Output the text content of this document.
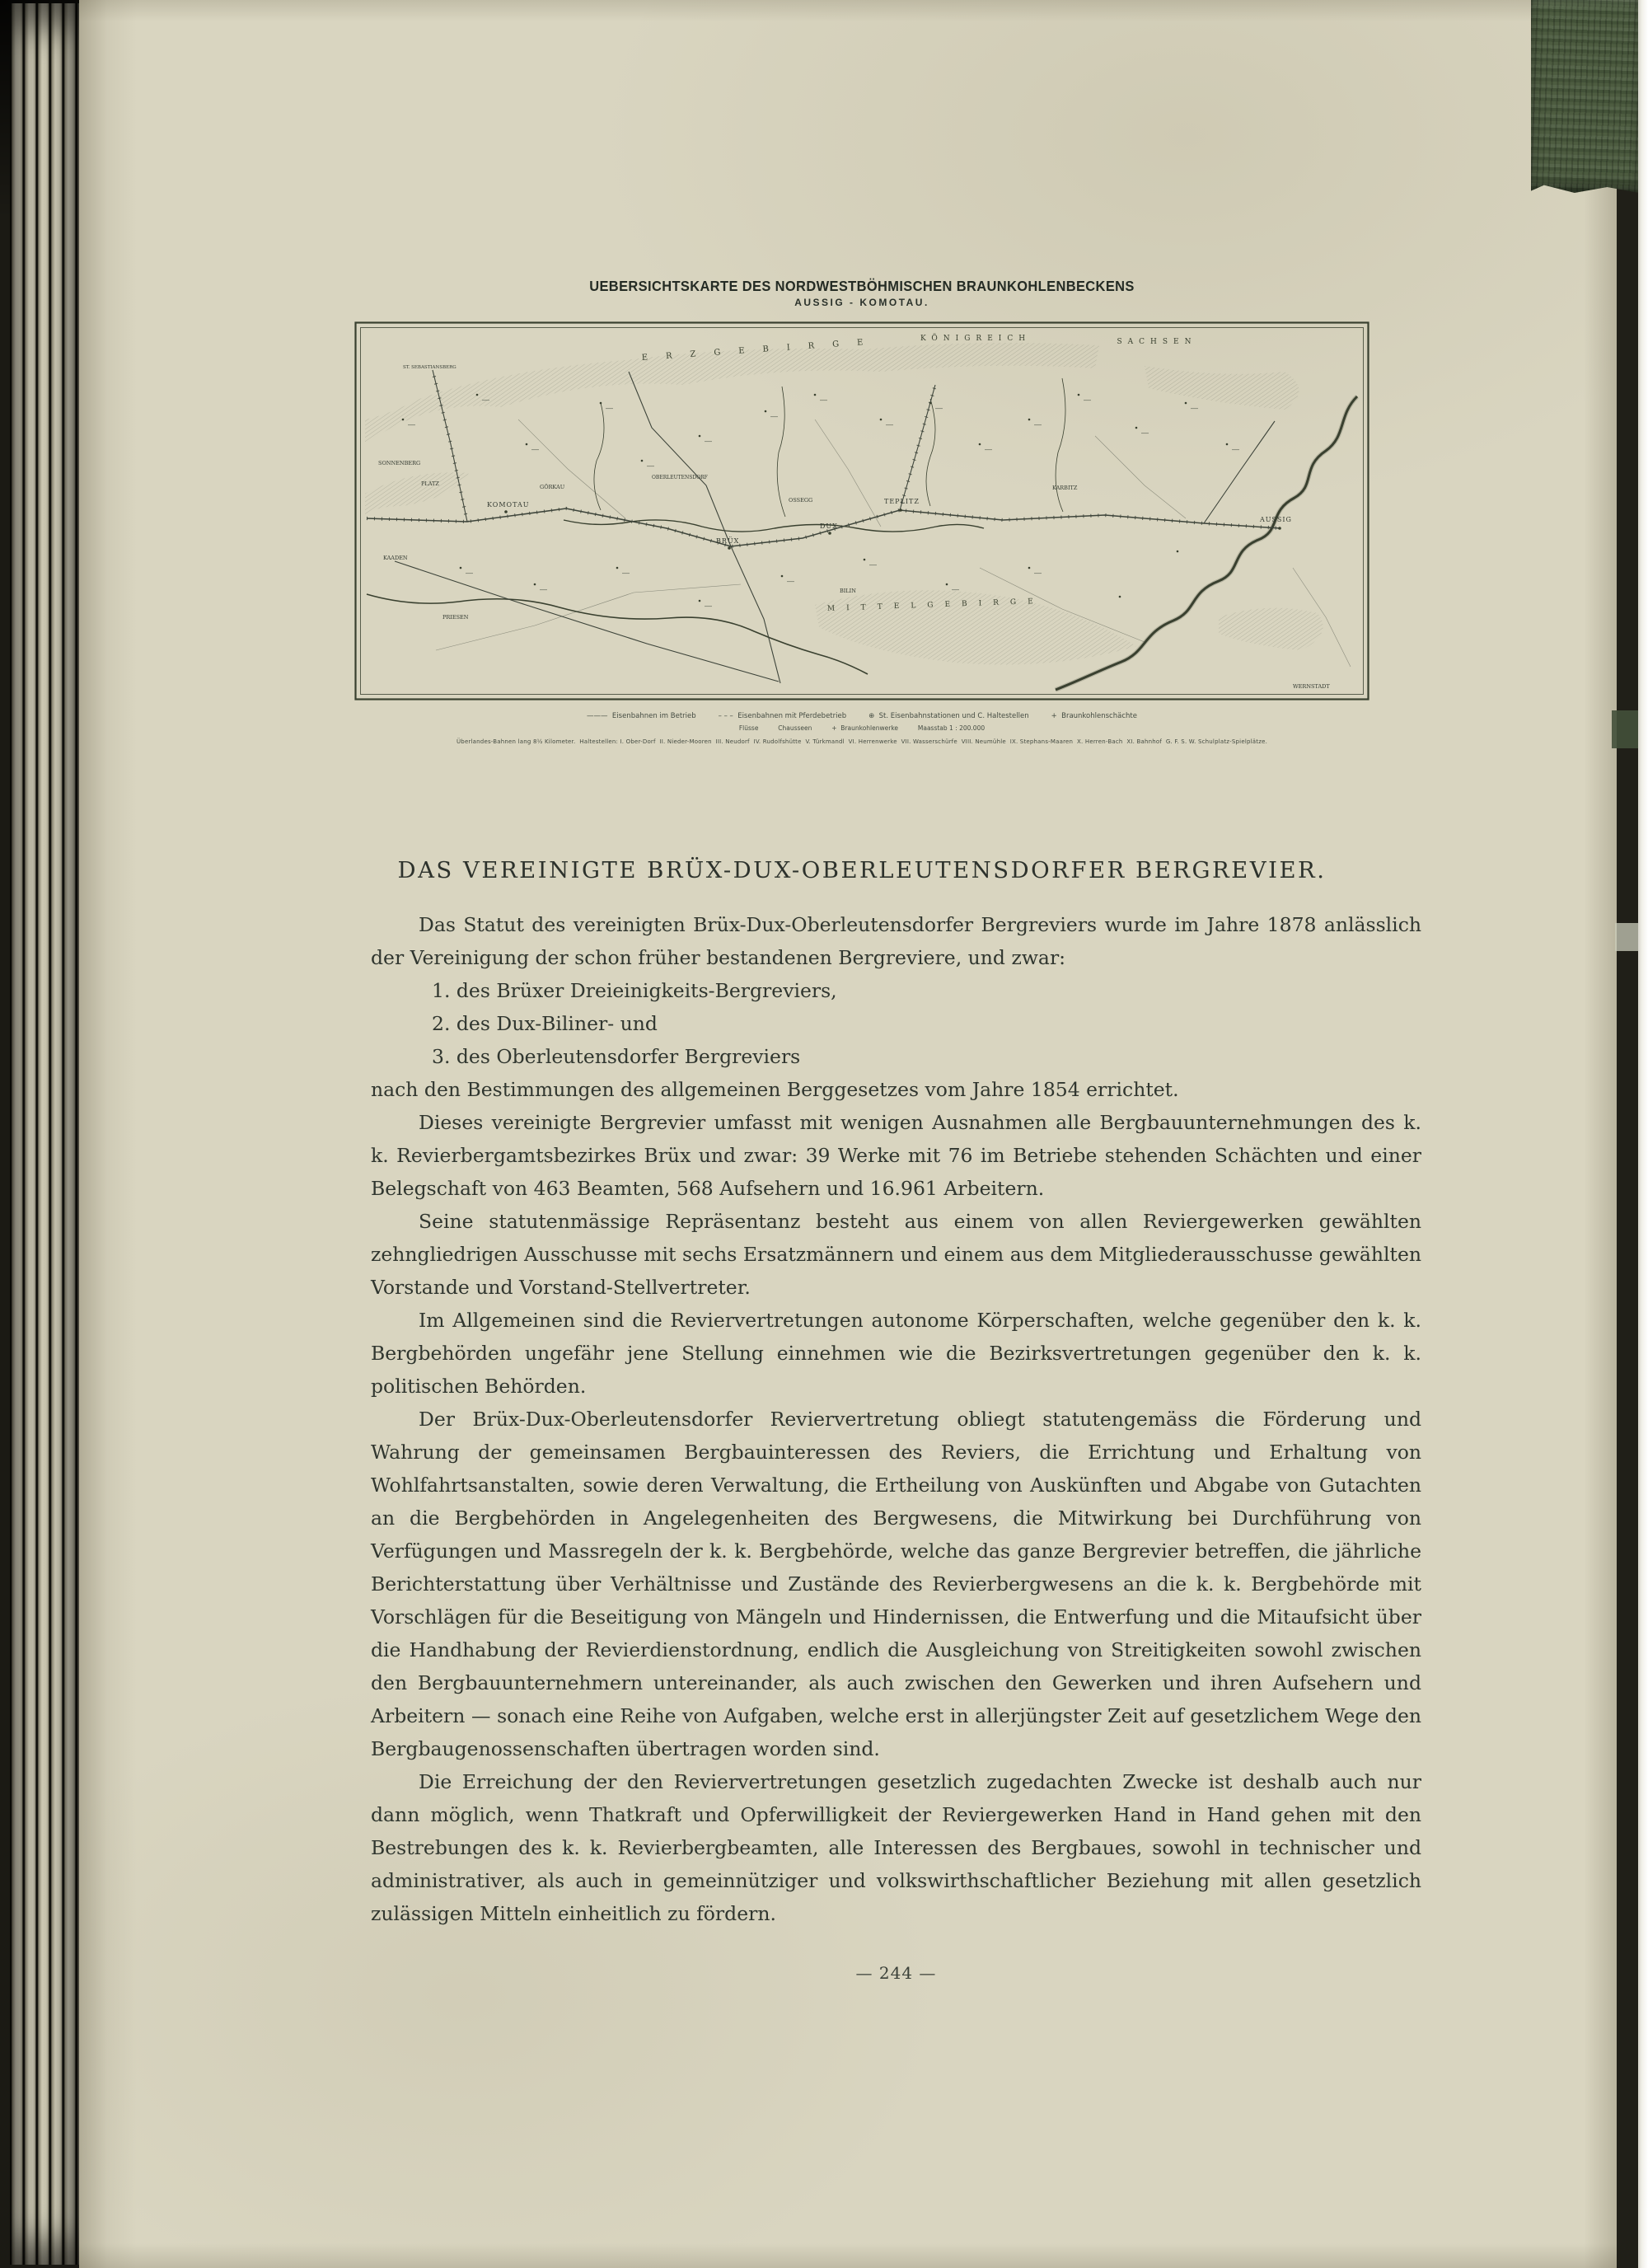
UEBERSICHTSKARTE DES NORDWESTBÖHMISCHEN BRAUNKOHLENBECKENS
AUSSIG - KOMOTAU.
KÖNIGREICH	SACHSEN
ERZGEBIRGE
MITTELGEBIRGE
ST. SEBASTIANSBERG
SONNENBERG
PLATZ
KAADEN
PRIESEN
KOMOTAU
GÖRKAU
OBERLEUTENSDORF
BRÜX
OSSEGG
DUX
TEPLITZ
BILIN
KARBITZ
AUSSIG
WERNSTADT
———  Eisenbahnen im Betrieb          – – –  Eisenbahnen mit Pferdebetrieb          ⊕  St. Eisenbahnstationen und C. Haltestellen          +  Braunkohlenschächte
Flüsse          Chausseen          +  Braunkohlenwerke          Maasstab 1 : 200.000
Überlandes-Bahnen lang 8½ Kilometer.  Haltestellen: I. Ober-Dorf  II. Nieder-Mooren  III. Neudorf  IV. Rudolfshütte  V. Türkmandl  VI. Herrenwerke  VII. Wasserschürfe  VIII. Neumühle  IX. Stephans-Maaren  X. Herren-Bach  XI. Bahnhof  G. F. S. W. Schulplatz-Spielplätze.
DAS VEREINIGTE BRÜX-DUX-OBERLEUTENSDORFER BERGREVIER.

Das Statut des vereinigten Brüx-Dux-Oberleutensdorfer Bergreviers wurde im Jahre 1878 anlässlich der Vereinigung der schon früher bestandenen Bergreviere, und zwar:

1. des Brüxer Dreieinigkeits-Bergreviers,
2. des Dux-Biliner- und
3. des Oberleutensdorfer Bergreviers

nach den Bestimmungen des allgemeinen Berggesetzes vom Jahre 1854 errichtet.

Dieses vereinigte Bergrevier umfasst mit wenigen Ausnahmen alle Bergbauunternehmungen des k. k. Revierbergamtsbezirkes Brüx und zwar: 39 Werke mit 76 im Betriebe stehenden Schächten und einer Belegschaft von 463 Beamten, 568 Aufsehern und 16.961 Arbeitern.

Seine statutenmässige Repräsentanz besteht aus einem von allen Reviergewerken gewählten zehngliedrigen Ausschusse mit sechs Ersatzmännern und einem aus dem Mitgliederausschusse gewählten Vorstande und Vorstand-Stellvertreter.

Im Allgemeinen sind die Reviervertretungen autonome Körperschaften, welche gegenüber den k. k. Bergbehörden ungefähr jene Stellung einnehmen wie die Bezirksvertretungen gegenüber den k. k. politischen Behörden.

Der Brüx-Dux-Oberleutensdorfer Reviervertretung obliegt statutengemäss die Förderung und Wahrung der gemeinsamen Bergbauinteressen des Reviers, die Errichtung und Erhaltung von Wohlfahrtsanstalten, sowie deren Verwaltung, die Ertheilung von Auskünften und Abgabe von Gutachten an die Bergbehörden in Angelegenheiten des Bergwesens, die Mitwirkung bei Durchführung von Verfügungen und Massregeln der k. k. Bergbehörde, welche das ganze Bergrevier betreffen, die jährliche Berichterstattung über Verhältnisse und Zustände des Revierbergwesens an die k. k. Bergbehörde mit Vorschlägen für die Beseitigung von Mängeln und Hindernissen, die Entwerfung und die Mitaufsicht über die Handhabung der Revierdienstordnung, endlich die Ausgleichung von Streitigkeiten sowohl zwischen den Bergbauunternehmern untereinander, als auch zwischen den Gewerken und ihren Aufsehern und Arbeitern — sonach eine Reihe von Aufgaben, welche erst in allerjüngster Zeit auf gesetzlichem Wege den Bergbaugenossenschaften übertragen worden sind.

Die Erreichung der den Reviervertretungen gesetzlich zugedachten Zwecke ist deshalb auch nur dann möglich, wenn Thatkraft und Opferwilligkeit der Reviergewerken Hand in Hand gehen mit den Bestrebungen des k. k. Revierbergbeamten, alle Interessen des Bergbaues, sowohl in technischer und administrativer, als auch in gemeinnütziger und volkswirthschaftlicher Beziehung mit allen gesetzlich zulässigen Mitteln einheitlich zu fördern.

— 244 —
